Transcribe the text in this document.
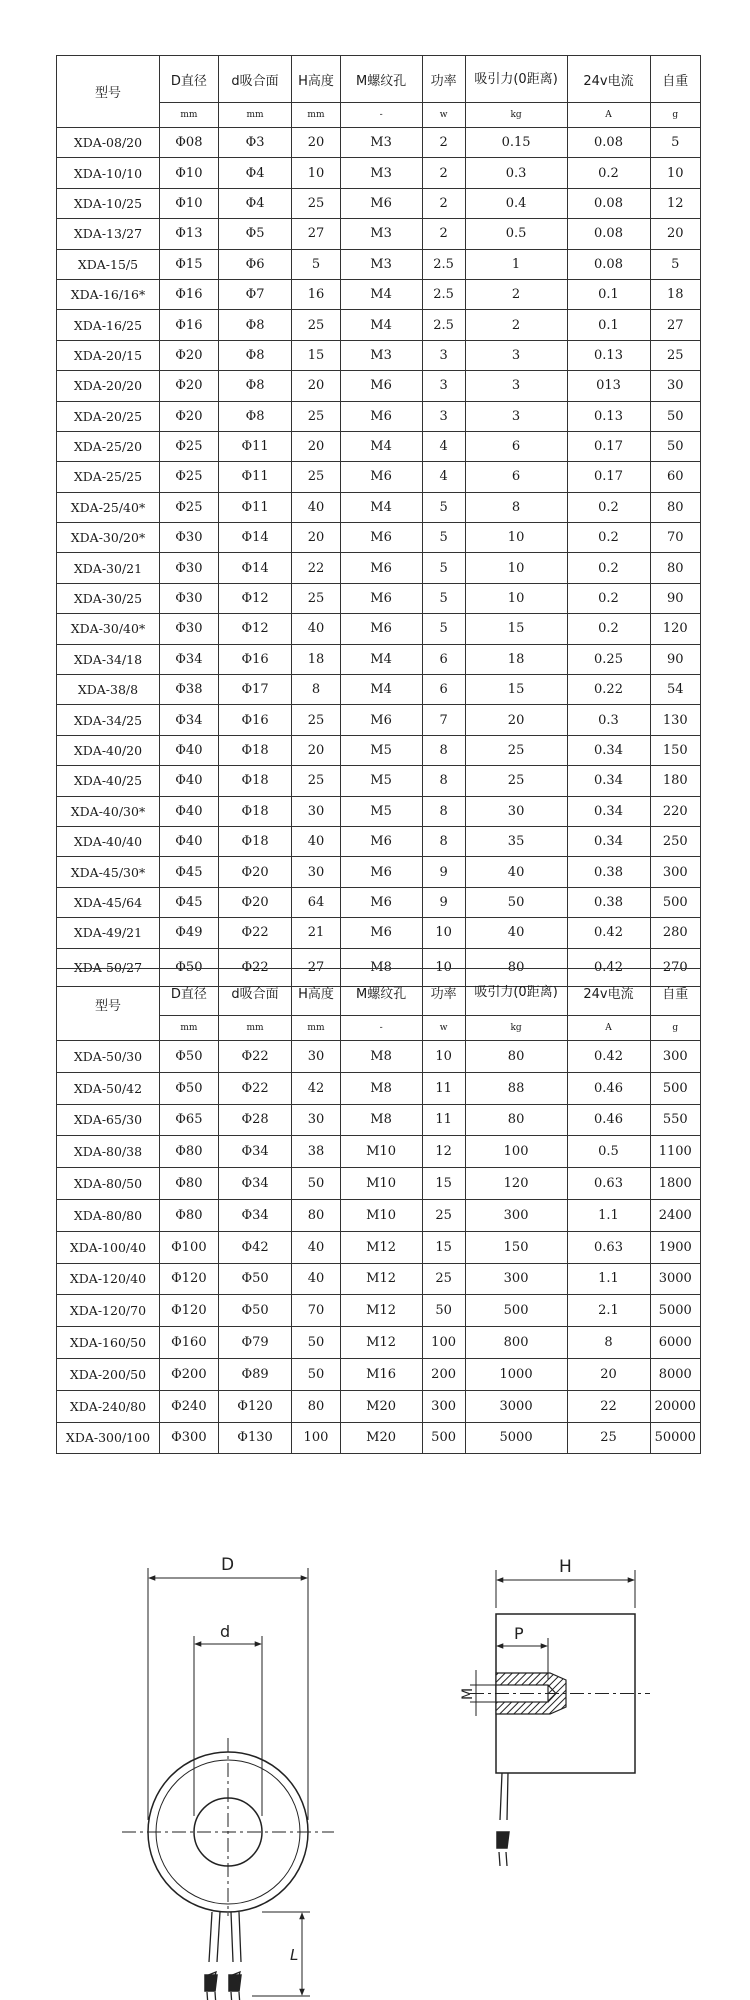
型号	D直径	d吸合面	H高度	M螺纹孔	功率	吸引力(0距离)	24v电流	自重
	mm	mm	mm	-	w	kg	A	g
XDA-08/20	Φ08	Φ3	20	M3	2	0.15	0.08	5
XDA-10/10	Φ10	Φ4	10	M3	2	0.3	0.2	10
XDA-10/25	Φ10	Φ4	25	M6	2	0.4	0.08	12
XDA-13/27	Φ13	Φ5	27	M3	2	0.5	0.08	20
XDA-15/5	Φ15	Φ6	5	M3	2.5	1	0.08	5
XDA-16/16*	Φ16	Φ7	16	M4	2.5	2	0.1	18
XDA-16/25	Φ16	Φ8	25	M4	2.5	2	0.1	27
XDA-20/15	Φ20	Φ8	15	M3	3	3	0.13	25
XDA-20/20	Φ20	Φ8	20	M6	3	3	013	30
XDA-20/25	Φ20	Φ8	25	M6	3	3	0.13	50
XDA-25/20	Φ25	Φ11	20	M4	4	6	0.17	50
XDA-25/25	Φ25	Φ11	25	M6	4	6	0.17	60
XDA-25/40*	Φ25	Φ11	40	M4	5	8	0.2	80
XDA-30/20*	Φ30	Φ14	20	M6	5	10	0.2	70
XDA-30/21	Φ30	Φ14	22	M6	5	10	0.2	80
XDA-30/25	Φ30	Φ12	25	M6	5	10	0.2	90
XDA-30/40*	Φ30	Φ12	40	M6	5	15	0.2	120
XDA-34/18	Φ34	Φ16	18	M4	6	18	0.25	90
XDA-38/8	Φ38	Φ17	8	M4	6	15	0.22	54
XDA-34/25	Φ34	Φ16	25	M6	7	20	0.3	130
XDA-40/20	Φ40	Φ18	20	M5	8	25	0.34	150
XDA-40/25	Φ40	Φ18	25	M5	8	25	0.34	180
XDA-40/30*	Φ40	Φ18	30	M5	8	30	0.34	220
XDA-40/40	Φ40	Φ18	40	M6	8	35	0.34	250
XDA-45/30*	Φ45	Φ20	30	M6	9	40	0.38	300
XDA-45/64	Φ45	Φ20	64	M6	9	50	0.38	500
XDA-49/21	Φ49	Φ22	21	M6	10	40	0.42	280
XDA-50/27	Φ50	Φ22	27	M8	10	80	0.42	270
型号	D直径	d吸合面	H高度	M螺纹孔	功率	吸引力(0距离)	24v电流	自重
	mm	mm	mm	-	w	kg	A	g
XDA-50/30	Φ50	Φ22	30	M8	10	80	0.42	300
XDA-50/42	Φ50	Φ22	42	M8	11	88	0.46	500
XDA-65/30	Φ65	Φ28	30	M8	11	80	0.46	550
XDA-80/38	Φ80	Φ34	38	M10	12	100	0.5	1100
XDA-80/50	Φ80	Φ34	50	M10	15	120	0.63	1800
XDA-80/80	Φ80	Φ34	80	M10	25	300	1.1	2400
XDA-100/40	Φ100	Φ42	40	M12	15	150	0.63	1900
XDA-120/40	Φ120	Φ50	40	M12	25	300	1.1	3000
XDA-120/70	Φ120	Φ50	70	M12	50	500	2.1	5000
XDA-160/50	Φ160	Φ79	50	M12	100	800	8	6000
XDA-200/50	Φ200	Φ89	50	M16	200	1000	20	8000
XDA-240/80	Φ240	Φ120	80	M20	300	3000	22	20000
XDA-300/100	Φ300	Φ130	100	M20	500	5000	25	50000
D
d
L
H
P
M
